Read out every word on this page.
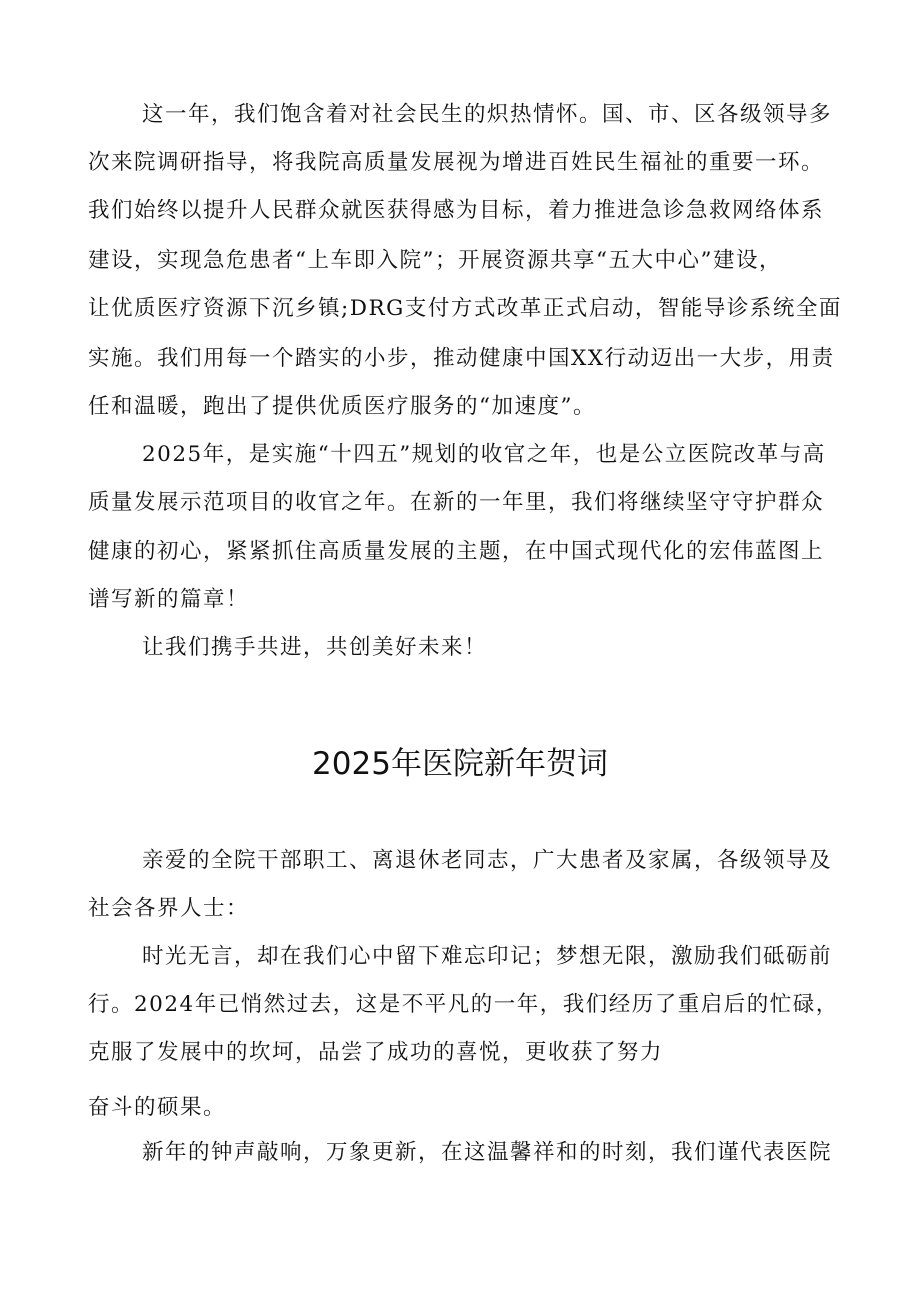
这一年，我们饱含着对社会民生的炽热情怀。国、市、区各级领导多
次来院调研指导，将我院高质量发展视为增进百姓民生福祉的重要一环。
我们始终以提升人民群众就医获得感为目标，着力推进急诊急救网络体系
建设，实现急危患者“上车即入院”；开展资源共享“五大中心”建设，
让优质医疗资源下沉乡镇;DRG支付方式改革正式启动，智能导诊系统全面
实施。我们用每一个踏实的小步，推动健康中国XX行动迈出一大步，用责
任和温暖，跑出了提供优质医疗服务的“加速度”。
2025年，是实施“十四五”规划的收官之年，也是公立医院改革与高
质量发展示范项目的收官之年。在新的一年里，我们将继续坚守守护群众
健康的初心，紧紧抓住高质量发展的主题，在中国式现代化的宏伟蓝图上
谱写新的篇章！
让我们携手共进，共创美好未来！
2025年医院新年贺词
亲爱的全院干部职工、离退休老同志，广大患者及家属，各级领导及
社会各界人士：
时光无言，却在我们心中留下难忘印记；梦想无限，激励我们砥砺前
行。2024年已悄然过去，这是不平凡的一年，我们经历了重启后的忙碌，
克服了发展中的坎坷，品尝了成功的喜悦，更收获了努力
奋斗的硕果。
新年的钟声敲响，万象更新，在这温馨祥和的时刻，我们谨代表医院
